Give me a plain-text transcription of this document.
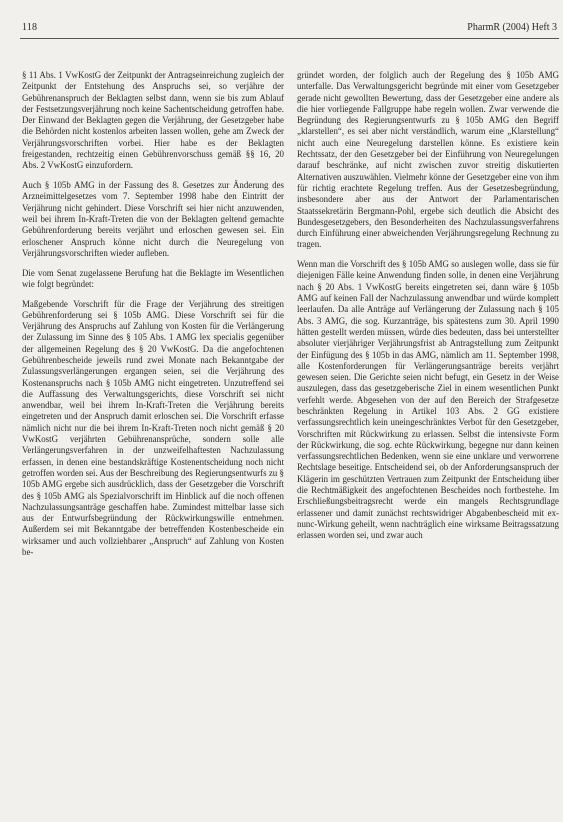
118	PharmR (2004) Heft 3

§ 11 Abs. 1 VwKostG der Zeitpunkt der Antragseinreichung zugleich der Zeitpunkt der Entstehung des Anspruchs sei, so verjähre der Gebührenanspruch der Beklagten selbst dann, wenn sie bis zum Ablauf der Festsetzungsverjährung noch keine Sachentscheidung getroffen habe. Der Einwand der Beklagten gegen die Verjährung, der Gesetzgeber habe die Behörden nicht kostenlos arbeiten lassen wollen, gehe am Zweck der Verjährungsvorschriften vorbei. Hier habe es der Beklagten freigestanden, rechtzeitig einen Gebührenvorschuss gemäß §§ 16, 20 Abs. 2 VwKostG einzufordern.

Auch § 105b AMG in der Fassung des 8. Gesetzes zur Änderung des Arzneimittelgesetzes vom 7. September 1998 habe den Eintritt der Verjährung nicht gehindert. Diese Vorschrift sei hier nicht anzuwenden, weil bei ihrem In-Kraft-Treten die von der Beklagten geltend gemachte Gebührenforderung bereits verjährt und erloschen gewesen sei. Ein erloschener Anspruch könne nicht durch die Neuregelung von Verjährungsvorschriften wieder aufleben.

Die vom Senat zugelassene Berufung hat die Beklagte im Wesentlichen wie folgt begründet:

Maßgebende Vorschrift für die Frage der Verjährung des streitigen Gebührenforderung sei § 105b AMG. Diese Vorschrift sei für die Verjährung des Anspruchs auf Zahlung von Kosten für die Verlängerung der Zulassung im Sinne des § 105 Abs. 1 AMG lex specialis gegenüber der allgemeinen Regelung des § 20 VwKostG. Da die angefochtenen Gebührenbescheide jeweils rund zwei Monate nach Bekanntgabe der Zulassungsverlängerungen ergangen seien, sei die Verjährung des Kostenanspruchs nach § 105b AMG nicht eingetreten. Unzutreffend sei die Auffassung des Verwaltungsgerichts, diese Vorschrift sei nicht anwendbar, weil bei ihrem In-Kraft-Treten die Verjährung bereits eingetreten und der Anspruch damit erloschen sei. Die Vorschrift erfasse nämlich nicht nur die bei ihrem In-Kraft-Treten noch nicht gemäß § 20 VwKostG verjährten Gebührenansprüche, sondern solle alle Verlängerungsverfahren in der unzweifelhaftesten Nachzulassung erfassen, in denen eine bestandskräftige Kostenentscheidung noch nicht getroffen worden sei. Aus der Beschreibung des Regierungsentwurfs zu § 105b AMG ergebe sich ausdrücklich, dass der Gesetzgeber die Vorschrift des § 105b AMG als Spezialvorschrift im Hinblick auf die noch offenen Nachzulassungsanträge geschaffen habe. Zumindest mittelbar lasse sich aus der Entwurfsbegründung der Rückwirkungswille entnehmen. Außerdem sei mit Bekanntgabe der betreffenden Kostenbescheide ein wirksamer und auch vollziehbarer „Anspruch“ auf Zahlung von Kosten be-

gründet worden, der folglich auch der Regelung des § 105b AMG unterfalle. Das Verwaltungsgericht begründe mit einer vom Gesetzgeber gerade nicht gewollten Bewertung, dass der Gesetzgeber eine andere als die hier vorliegende Fallgruppe habe regeln wollen. Zwar verwende die Begründung des Regierungsentwurfs zu § 105b AMG den Begriff „klarstellen“, es sei aber nicht verständlich, warum eine „Klarstellung“ nicht auch eine Neuregelung darstellen könne. Es existiere kein Rechtssatz, der den Gesetzgeber bei der Einführung von Neuregelungen darauf beschränke, auf nicht zwischen zuvor streitig diskutierten Alternativen auszuwählen. Vielmehr könne der Gesetzgeber eine von ihm für richtig erachtete Regelung treffen. Aus der Gesetzesbegründung, insbesondere aber aus der Antwort der Parlamentarischen Staatssekretärin Bergmann-Pohl, ergebe sich deutlich die Absicht des Bundesgesetzgebers, den Besonderheiten des Nachzulassungsverfahrens durch Einführung einer abweichenden Verjährungsregelung Rechnung zu tragen.

Wenn man die Vorschrift des § 105b AMG so auslegen wolle, dass sie für diejenigen Fälle keine Anwendung finden solle, in denen eine Verjährung nach § 20 Abs. 1 VwKostG bereits eingetreten sei, dann wäre § 105b AMG auf keinen Fall der Nachzulassung anwendbar und würde komplett leerlaufen. Da alle Anträge auf Verlängerung der Zulassung nach § 105 Abs. 3 AMG, die sog. Kurzanträge, bis spätestens zum 30. April 1990 hätten gestellt werden müssen, würde dies bedeuten, dass bei unterstellter absoluter vierjähriger Verjährungsfrist ab Antragstellung zum Zeitpunkt der Einfügung des § 105b in das AMG, nämlich am 11. September 1998, alle Kostenforderungen für Verlängerungsanträge bereits verjährt gewesen seien. Die Gerichte seien nicht befugt, ein Gesetz in der Weise auszulegen, dass das gesetzgeberische Ziel in einem wesentlichen Punkt verfehlt werde. Abgesehen von der auf den Bereich der Strafgesetze beschränkten Regelung in Artikel 103 Abs. 2 GG existiere verfassungsrechtlich kein uneingeschränktes Verbot für den Gesetzgeber, Vorschriften mit Rückwirkung zu erlassen. Selbst die intensivste Form der Rückwirkung, die sog. echte Rückwirkung, begegne nur dann keinen verfassungsrechtlichen Bedenken, wenn sie eine unklare und verworrene Rechtslage beseitige. Entscheidend sei, ob der Anforderungsanspruch der Klägerin im geschützten Vertrauen zum Zeitpunkt der Entscheidung über die Rechtmäßigkeit des angefochtenen Bescheides noch fortbestehe. Im Erschließungsbeitragsrecht werde ein mangels Rechtsgrundlage erlassener und damit zunächst rechtswidriger Abgabenbescheid mit ex-nunc-Wirkung geheilt, wenn nachträglich eine wirksame Beitragssatzung erlassen worden sei, und zwar auch
